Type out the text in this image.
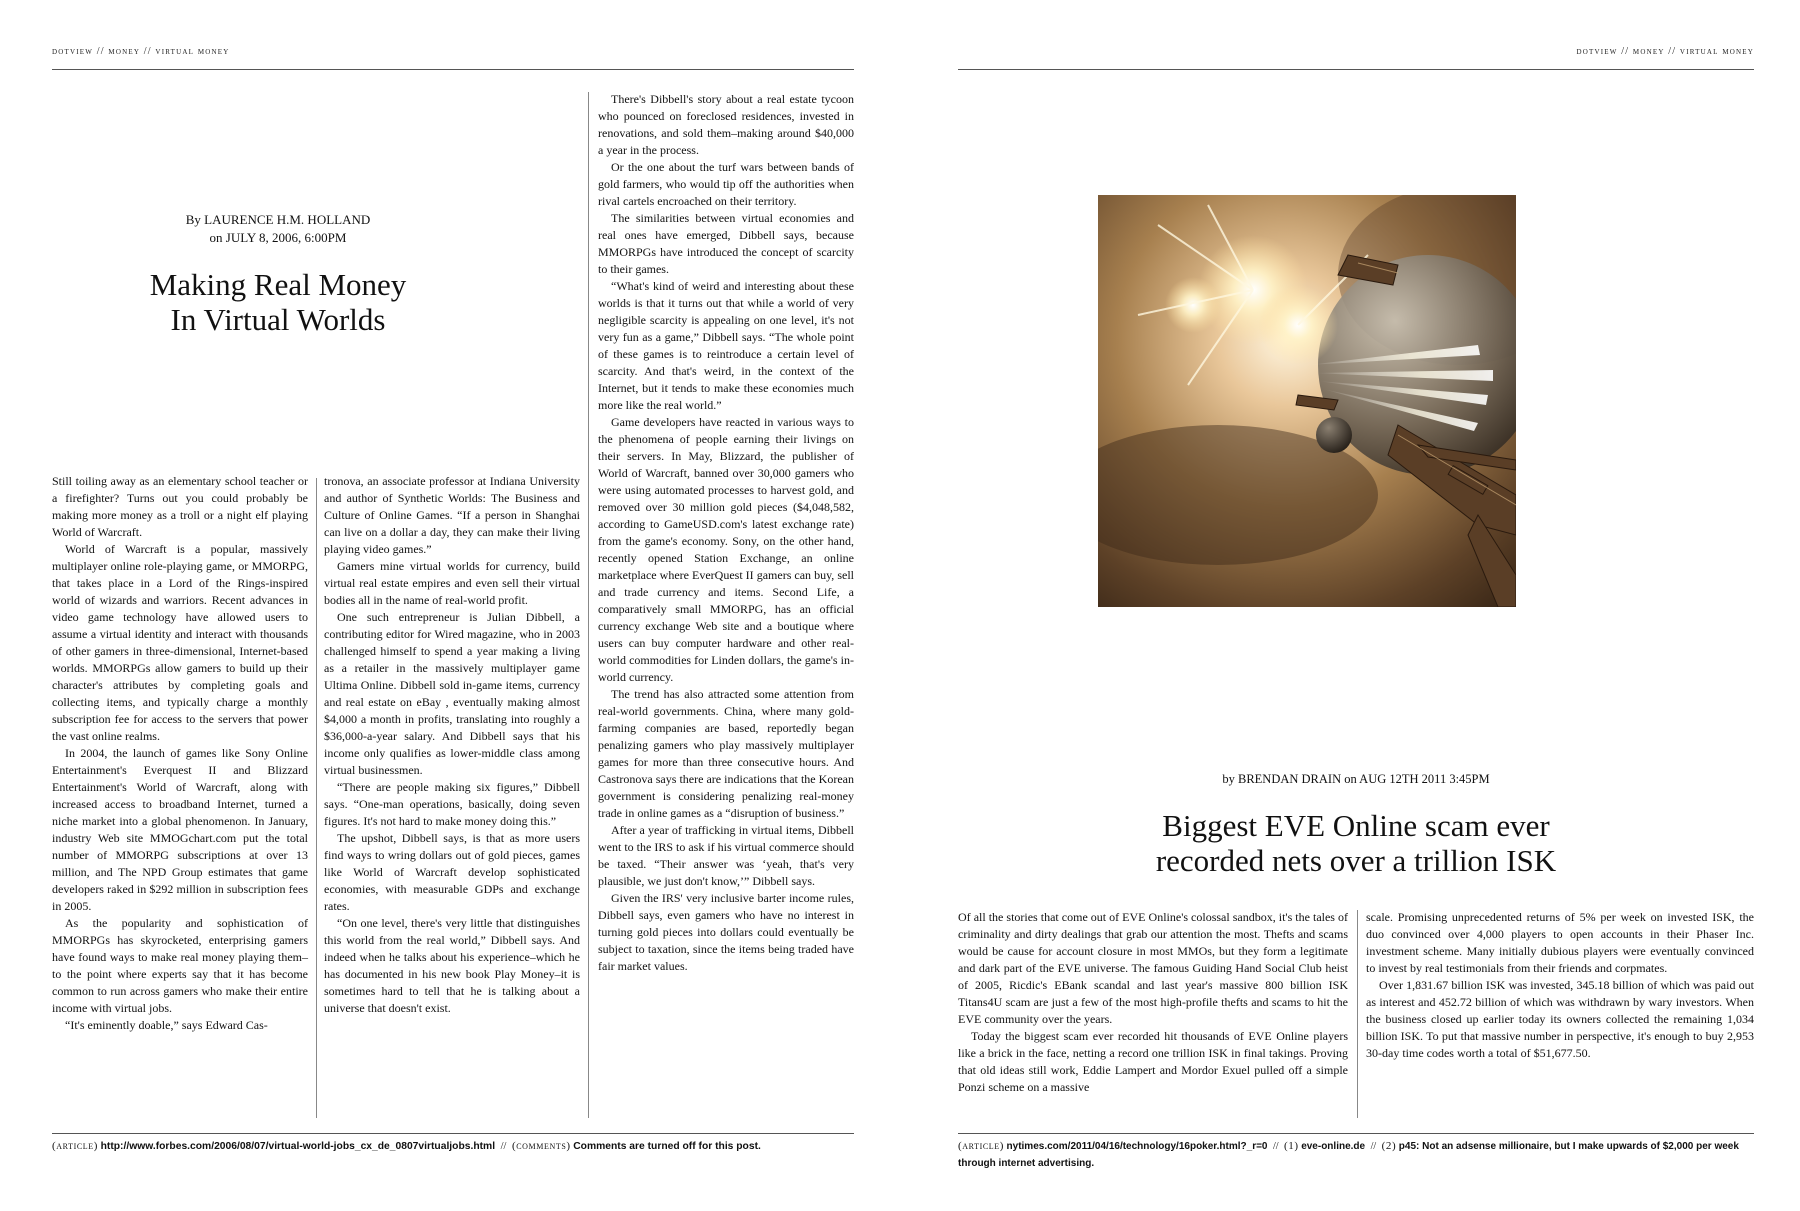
dotview // money // virtual money
By LAURENCE H.M. HOLLAND
on JULY 8, 2006, 6:00PM
Making Real Money
In Virtual Worlds

Still toiling away as an elementary school teacher or a firefighter? Turns out you could probably be making more money as a troll or a night elf playing World of Warcraft.

World of Warcraft is a popular, massively multiplayer online role-playing game, or MMORPG, that takes place in a Lord of the Rings-inspired world of wizards and warriors. Recent advances in video game technology have allowed users to assume a virtual identity and interact with thousands of other gamers in three-dimensional, Internet-based worlds. MMORPGs allow gamers to build up their character's attributes by completing goals and collecting items, and typically charge a monthly subscription fee for access to the servers that power the vast online realms.

In 2004, the launch of games like Sony Online Entertainment's Everquest II and Blizzard Entertainment's World of Warcraft, along with increased access to broadband Internet, turned a niche market into a global phenomenon. In January, industry Web site MMOGchart.com put the total number of MMORPG subscriptions at over 13 million, and The NPD Group estimates that game developers raked in $292 million in subscription fees in 2005.

As the popularity and sophistication of MMORPGs has skyrocketed, enterprising gamers have found ways to make real money playing them–to the point where experts say that it has become common to run across gamers who make their entire income with virtual jobs.

“It's eminently doable,” says Edward Cas-

tronova, an associate professor at Indiana University and author of Synthetic Worlds: The Business and Culture of Online Games. “If a person in Shanghai can live on a dollar a day, they can make their living playing video games.”

Gamers mine virtual worlds for currency, build virtual real estate empires and even sell their virtual bodies all in the name of real-world profit.

One such entrepreneur is Julian Dibbell, a contributing editor for Wired magazine, who in 2003 challenged himself to spend a year making a living as a retailer in the massively multiplayer game Ultima Online. Dibbell sold in-game items, currency and real estate on eBay , eventually making almost $4,000 a month in profits, translating into roughly a $36,000-a-year salary. And Dibbell says that his income only qualifies as lower-middle class among virtual businessmen.

“There are people making six figures,” Dibbell says. “One-man operations, basically, doing seven figures. It's not hard to make money doing this.”

The upshot, Dibbell says, is that as more users find ways to wring dollars out of gold pieces, games like World of Warcraft develop sophisticated economies, with measurable GDPs and exchange rates.

“On one level, there's very little that distinguishes this world from the real world,” Dibbell says. And indeed when he talks about his experience–which he has documented in his new book Play Money–it is sometimes hard to tell that he is talking about a universe that doesn't exist.

There's Dibbell's story about a real estate tycoon who pounced on foreclosed residences, invested in renovations, and sold them–making around $40,000 a year in the process.

Or the one about the turf wars between bands of gold farmers, who would tip off the authorities when rival cartels encroached on their territory.

The similarities between virtual economies and real ones have emerged, Dibbell says, because MMORPGs have introduced the concept of scarcity to their games.

“What's kind of weird and interesting about these worlds is that it turns out that while a world of very negligible scarcity is appealing on one level, it's not very fun as a game,” Dibbell says. “The whole point of these games is to reintroduce a certain level of scarcity. And that's weird, in the context of the Internet, but it tends to make these economies much more like the real world.”

Game developers have reacted in various ways to the phenomena of people earning their livings on their servers. In May, Blizzard, the publisher of World of Warcraft, banned over 30,000 gamers who were using automated processes to harvest gold, and removed over 30 million gold pieces ($4,048,582, according to GameUSD.com's latest exchange rate) from the game's economy. Sony, on the other hand, recently opened Station Exchange, an online marketplace where EverQuest II gamers can buy, sell and trade currency and items. Second Life, a comparatively small MMORPG, has an official currency exchange Web site and a boutique where users can buy computer hardware and other real-world commodities for Linden dollars, the game's in-world currency.

The trend has also attracted some attention from real-world governments. China, where many gold-farming companies are based, reportedly began penalizing gamers who play massively multiplayer games for more than three consecutive hours. And Castronova says there are indications that the Korean government is considering penalizing real-money trade in online games as a “disruption of business.”

After a year of trafficking in virtual items, Dibbell went to the IRS to ask if his virtual commerce should be taxed. “Their answer was ‘yeah, that's very plausible, we just don't know,’” Dibbell says.

Given the IRS' very inclusive barter income rules, Dibbell says, even gamers who have no interest in turning gold pieces into dollars could eventually be subject to taxation, since the items being traded have fair market values.

(article) http://www.forbes.com/2006/08/07/virtual-world-jobs_cx_de_0807virtualjobs.html // (comments) Comments are turned off for this post.
dotview // money // virtual money
by BRENDAN DRAIN on AUG 12TH 2011 3:45PM
Biggest EVE Online scam ever
recorded nets over a trillion ISK

Of all the stories that come out of EVE Online's colossal sandbox, it's the tales of criminality and dirty dealings that grab our attention the most. Thefts and scams would be cause for account closure in most MMOs, but they form a legitimate and dark part of the EVE universe. The famous Guiding Hand Social Club heist of 2005, Ricdic's EBank scandal and last year's massive 800 billion ISK Titans4U scam are just a few of the most high-profile thefts and scams to hit the EVE community over the years.

Today the biggest scam ever recorded hit thousands of EVE Online players like a brick in the face, netting a record one trillion ISK in final takings. Proving that old ideas still work, Eddie Lampert and Mordor Exuel pulled off a simple Ponzi scheme on a massive

scale. Promising unprecedented returns of 5% per week on invested ISK, the duo convinced over 4,000 players to open accounts in their Phaser Inc. investment scheme. Many initially dubious players were eventually convinced to invest by real testimonials from their friends and corpmates.

Over 1,831.67 billion ISK was invested, 345.18 billion of which was paid out as interest and 452.72 billion of which was withdrawn by wary investors. When the business closed up earlier today its owners collected the remaining 1,034 billion ISK. To put that massive number in perspective, it's enough to buy 2,953 30-day time codes worth a total of $51,677.50.

(article) nytimes.com/2011/04/16/technology/16poker.html?_r=0 // (1) eve-online.de // (2) p45: Not an adsense millionaire, but I make upwards of $2,000 per week through internet advertising.
